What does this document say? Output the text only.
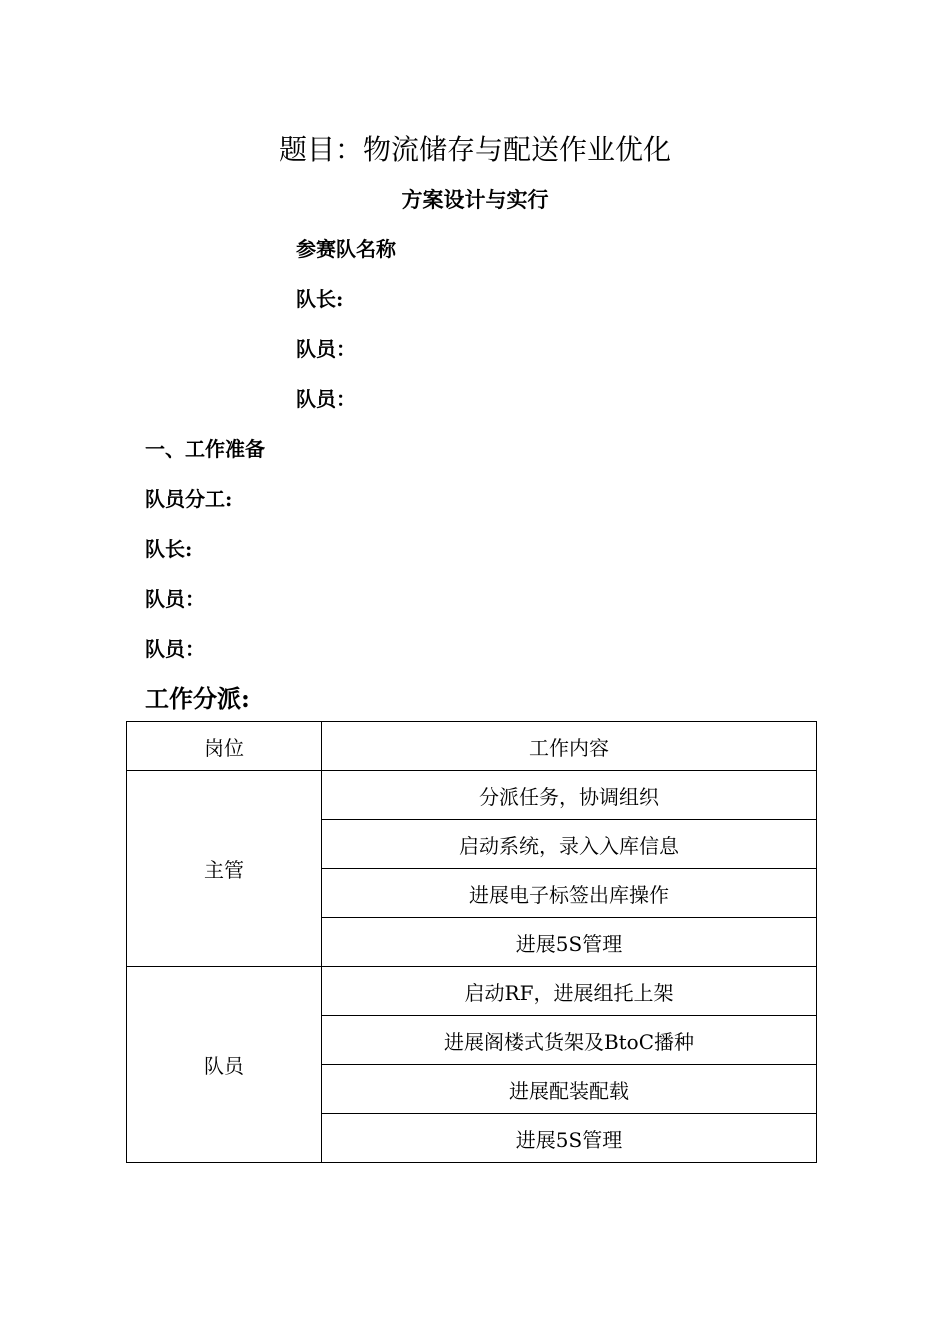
题目：物流储存与配送作业优化
方案设计与实行
参赛队名称
队长:
队员：
队员：
一、工作准备
队员分工:
队长:
队员：
队员：
工作分派:
岗位	工作内容
主管	分派任务，协调组织
	启动系统，录入入库信息
	进展电子标签出库操作
	进展5S管理
队员	启动RF，进展组托上架
	进展阁楼式货架及BtoC播种
	进展配装配载
	进展5S管理
